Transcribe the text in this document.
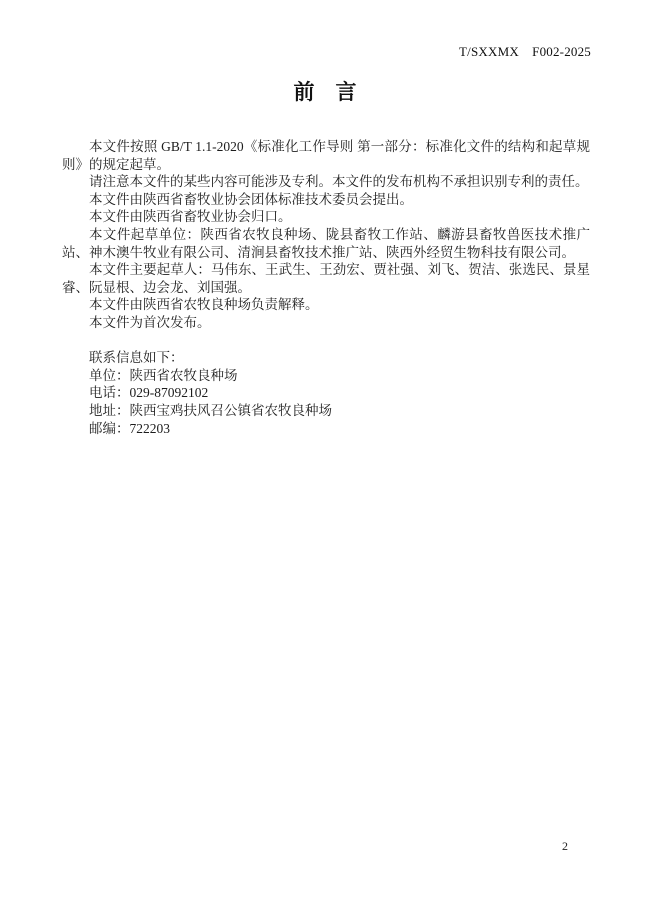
T/SXXMX　F002-2025
前　言

本文件按照 GB/T 1.1-2020《标准化工作导则 第一部分：标准化文件的结构和起草规则》的规定起草。

请注意本文件的某些内容可能涉及专利。本文件的发布机构不承担识别专利的责任。

本文件由陕西省畜牧业协会团体标准技术委员会提出。

本文件由陕西省畜牧业协会归口。

本文件起草单位：陕西省农牧良种场、陇县畜牧工作站、麟游县畜牧兽医技术推广站、神木澳牛牧业有限公司、清涧县畜牧技术推广站、陕西外经贸生物科技有限公司。

本文件主要起草人：马伟东、王武生、王劲宏、贾社强、刘飞、贺洁、张选民、景星睿、阮显根、边会龙、刘国强。

本文件由陕西省农牧良种场负责解释。

本文件为首次发布。

联系信息如下：

单位：陕西省农牧良种场

电话：029-87092102

地址：陕西宝鸡扶风召公镇省农牧良种场

邮编：722203

2
